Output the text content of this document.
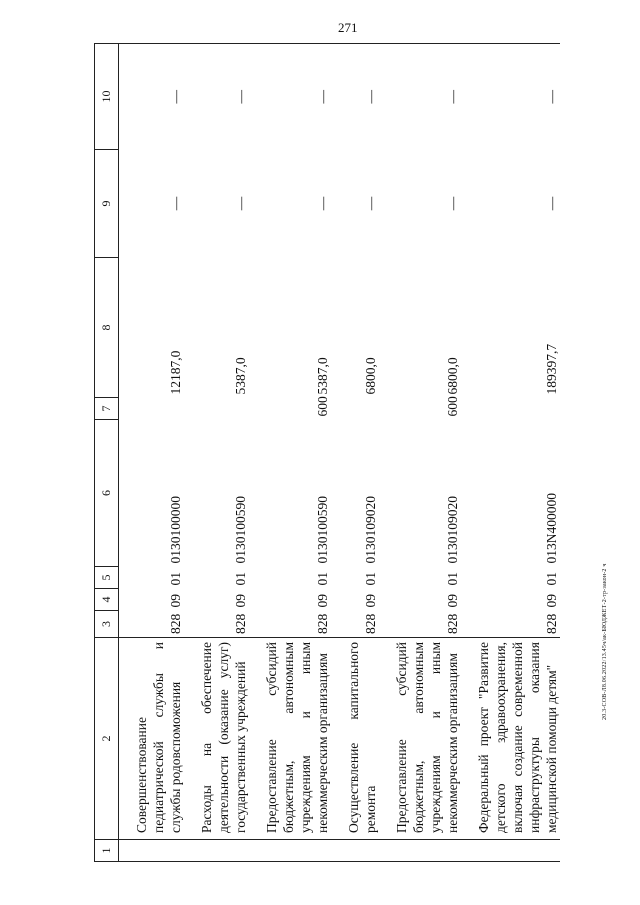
271
20.3-СОВ-Л8.06.2022/13.45ч/ак-БЮДЖЕТ-2-тр-закон-2 ч
1	2	3	4	5	6	7	8	9	10

	Совершенствование педиатрической службы и службы родовспоможения	828	09	01	0130100000		12187,0	—	—

	Расходы на обеспечение деятельности (оказание услуг) государственных учреждений	828	09	01	0130100590		5387,0	—	—

	Предоставление субсидий бюджетным, автономным учреждениям и иным некоммерческим организациям	828	09	01	0130100590	600	5387,0	—	—

	Осуществление капитального ремонта	828	09	01	0130109020		6800,0	—	—

	Предоставление субсидий бюджетным, автономным учреждениям и иным некоммерческим организациям	828	09	01	0130109020	600	6800,0	—	—

	Федеральный проект "Развитие детского здравоохранения, включая создание современной инфраструктуры оказания медицинской помощи детям"	828	09	01	013N400000		189397,7	—	—
